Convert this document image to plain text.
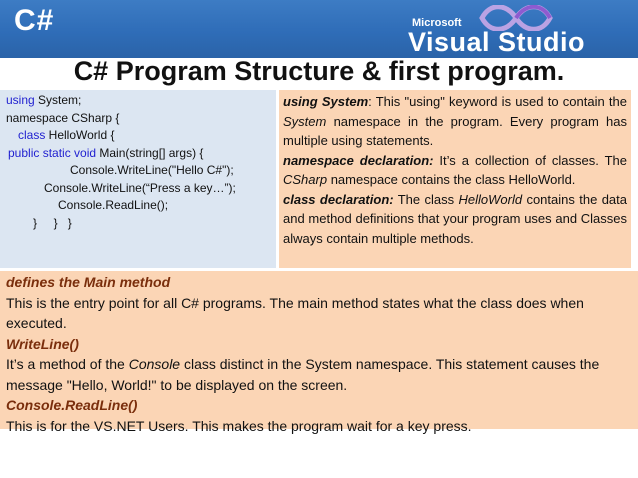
C#	Microsoft
Visual Studio
C# Program Structure & first program.
using System;
namespace CSharp {
class HelloWorld {
public static void Main(string[] args) {
Console.WriteLine("Hello C#");
Console.WriteLine(“Press a key…”);
Console.ReadLine();
}     }   }

using System: This "using" keyword is used to contain the System namespace in the program. Every program has multiple using statements.

namespace declaration: It’s a collection of classes. The CSharp namespace contains the class HelloWorld.

class declaration: The class HelloWorld contains the data and method definitions that your program uses and Classes always contain multiple methods.

defines the Main method

This is the entry point for all C# programs. The main method states what the class does when executed.

WriteLine()

It’s a method of the Console class distinct in the System namespace. This statement causes the message "Hello, World!" to be displayed on the screen.

Console.ReadLine()

This is for the VS.NET Users. This makes the program wait for a key press.
